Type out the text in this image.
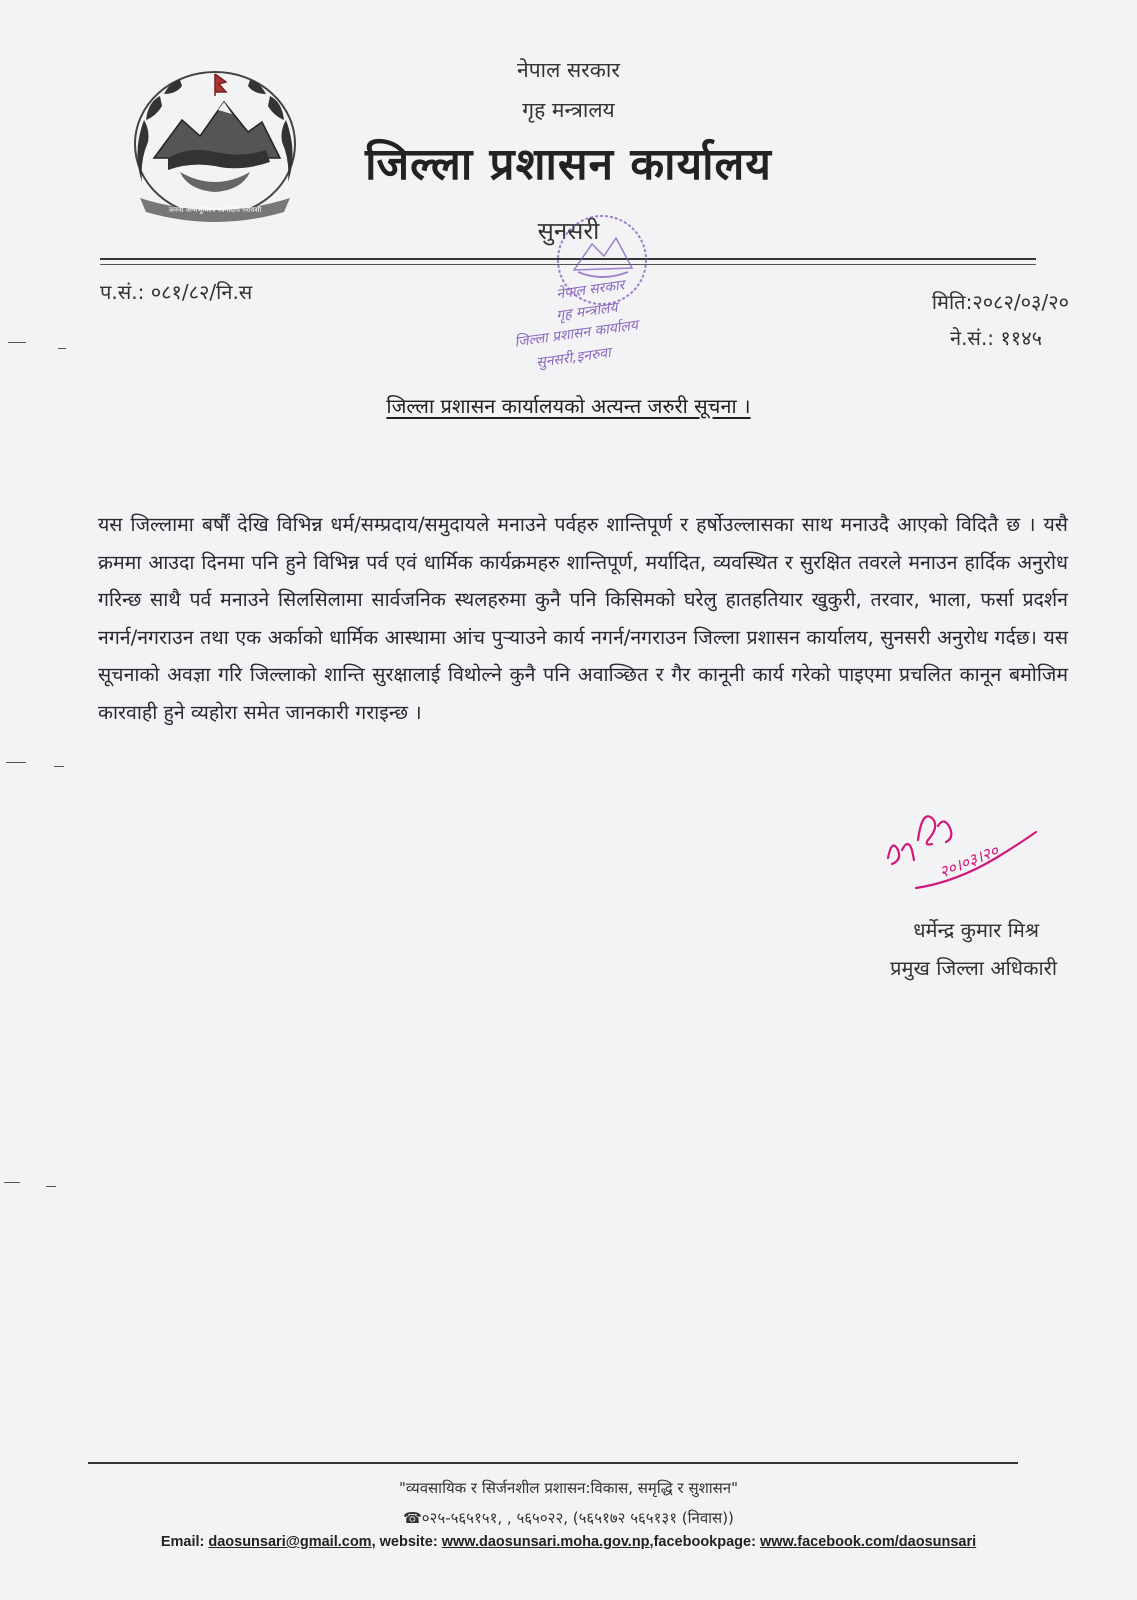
जननी जन्मभूमिश्च स्वर्गादपि गरीयसी
नेपाल सरकार
गृह मन्त्रालय
जिल्ला प्रशासन कार्यालय
सुनसरी
प.सं.: ०८१/८२/नि.स	मिति:२०८२/०३/२०
ने.सं.: ११४५
नेपाल सरकार
गृह मन्त्रालय
जिल्ला प्रशासन कार्यालय
सुनसरी,इनरुवा
जिल्ला प्रशासन कार्यालयको अत्यन्त जरुरी सूचना ।
यस जिल्लामा बर्षौं देखि विभिन्न धर्म/सम्प्रदाय/समुदायले मनाउने पर्वहरु शान्तिपूर्ण र हर्षोउल्लासका साथ मनाउदै आएको विदितै छ । यसै क्रममा आउदा दिनमा पनि हुने विभिन्न पर्व एवं धार्मिक कार्यक्रमहरु शान्तिपूर्ण, मर्यादित, व्यवस्थित र सुरक्षित तवरले मनाउन हार्दिक अनुरोध गरिन्छ साथै पर्व मनाउने सिलसिलामा सार्वजनिक स्थलहरुमा कुनै पनि किसिमको घरेलु हातहतियार खुकुरी, तरवार, भाला, फर्सा प्रदर्शन नगर्न/नगराउन तथा एक अर्काको धार्मिक आस्थामा आंच पुऱ्याउने कार्य नगर्न/नगराउन जिल्ला प्रशासन कार्यालय, सुनसरी अनुरोध गर्दछ। यस सूचनाको अवज्ञा गरि जिल्लाको शान्ति सुरक्षालाई विथोल्ने कुनै पनि अवाञ्छित र गैर कानूनी कार्य गरेको पाइएमा प्रचलित कानून बमोजिम कारवाही हुने व्यहोरा समेत जानकारी गराइन्छ ।
२०।०३।२०
धर्मेन्द्र कुमार मिश्र
प्रमुख जिल्ला अधिकारी
"व्यवसायिक र सिर्जनशील प्रशासन:विकास, समृद्धि र सुशासन"
☎०२५-५६५१५१, , ५६५०२२, (५६५१७२ ५६५१३१ (निवास))
Email: daosunsari@gmail.com, website: www.daosunsari.moha.gov.np,facebookpage: www.facebook.com/daosunsari
